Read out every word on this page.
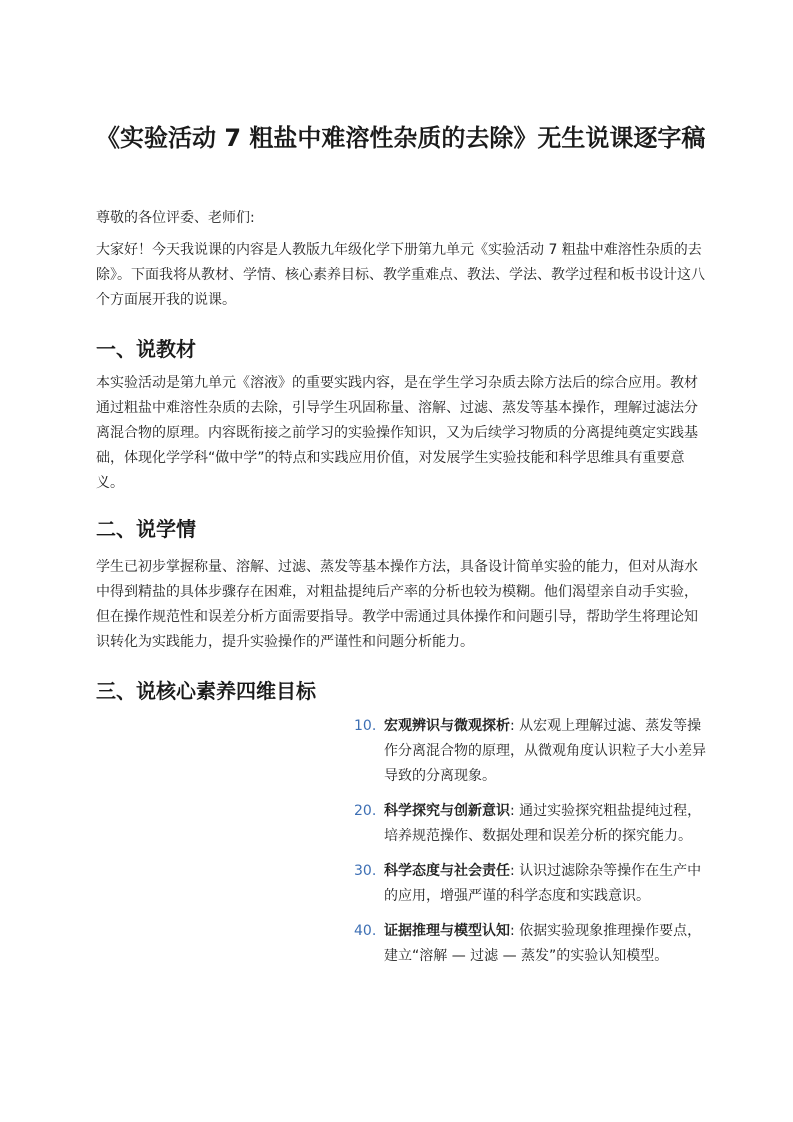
《实验活动 7 粗盐中难溶性杂质的去除》无生说课逐字稿

尊敬的各位评委、老师们:

大家好！今天我说课的内容是人教版九年级化学下册第九单元《实验活动 7 粗盐中难溶性杂质的去除》。下面我将从教材、学情、核心素养目标、教学重难点、教法、学法、教学过程和板书设计这八个方面展开我的说课。

一、说教材

本实验活动是第九单元《溶液》的重要实践内容，是在学生学习杂质去除方法后的综合应用。教材通过粗盐中难溶性杂质的去除，引导学生巩固称量、溶解、过滤、蒸发等基本操作，理解过滤法分离混合物的原理。内容既衔接之前学习的实验操作知识，又为后续学习物质的分离提纯奠定实践基础，体现化学学科“做中学”的特点和实践应用价值，对发展学生实验技能和科学思维具有重要意义。

二、说学情

学生已初步掌握称量、溶解、过滤、蒸发等基本操作方法，具备设计简单实验的能力，但对从海水中得到精盐的具体步骤存在困难，对粗盐提纯后产率的分析也较为模糊。他们渴望亲自动手实验，但在操作规范性和误差分析方面需要指导。教学中需通过具体操作和问题引导，帮助学生将理论知识转化为实践能力，提升实验操作的严谨性和问题分析能力。

三、说核心素养四维目标
10. 宏观辨识与微观探析: 从宏观上理解过滤、蒸发等操作分离混合物的原理，从微观角度认识粒子大小差异导致的分离现象。
20. 科学探究与创新意识: 通过实验探究粗盐提纯过程，培养规范操作、数据处理和误差分析的探究能力。
30. 科学态度与社会责任: 认识过滤除杂等操作在生产中的应用，增强严谨的科学态度和实践意识。
40. 证据推理与模型认知: 依据实验现象推理操作要点，建立“溶解 — 过滤 — 蒸发”的实验认知模型。
